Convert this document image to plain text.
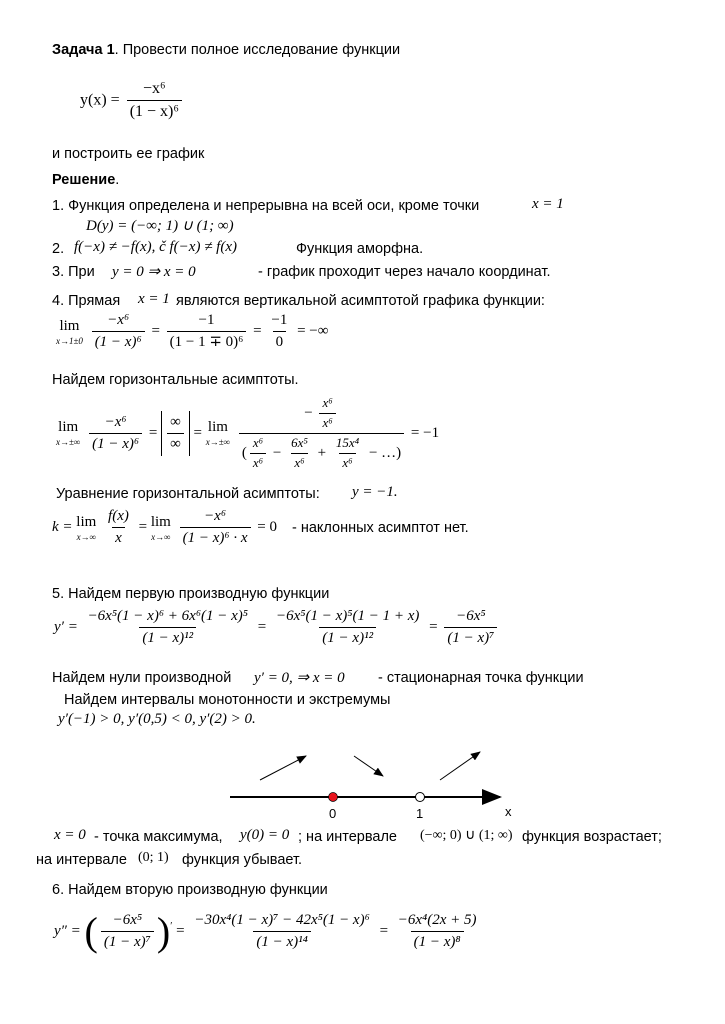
Задача 1. Провести полное исследование функции
$y(x) = \frac{\text{−x⁶}}{\text{(1 − x)⁶}}$
и построить ее график
Решение.
1. Функция определена и непрерывна на всей оси, кроме точки	x = 1
D(y) = (−∞; 1) ∪ (1; ∞)
2. f(−x) ≠ −f(x), č f(−x) ≠ f(x)	Функция аморфна.
3. При y = 0 ⇒ x = 0	- график проходит через начало координат.
4. Прямая x = 1 являются вертикальной асимптотой графика функции:
lim
x→1±0
$\frac{\text{−x⁶}}{\text{(1 − x)⁶}} = \frac{-1}{\text{(1 − 1 ∓ 0)⁶}} = \frac{-1}{0}$ = −∞
Найдем горизонтальные асимптоты.
lim
x→±∞
$\frac{\text{−x⁶}}{\text{(1 − x)⁶}} = \frac{\infty}{\infty} = \lim$
x→±∞
$\frac{- \frac{\text{x⁶}}{\text{x⁶}}}{( \frac{\text{x⁶}}{\text{x⁶}} - \frac{\text{6x⁵}}{\text{x⁶}} + \frac{\text{15x⁴}}{\text{x⁶}} - \dots)} = -1$
Уравнение горизонтальной асимптоты: y = −1.
k = lim
x→∞
$\frac{f(x)}{x} = \lim$
x→∞
$\frac{\text{−x⁶}}{\text{(1 − x)⁶ · x}} = 0$ - наклонных асимптот нет.
5. Найдем первую производную функции
$y' = \frac{\text{−6x⁵(1 − x)⁶ + 6x⁶(1 − x)⁵}}{\text{(1 − x)¹²}} = \frac{\text{−6x⁵(1 − x)⁵(1 − 1 + x)}}{\text{(1 − x)¹²}} = \frac{\text{−6x⁵}}{\text{(1 − x)⁷}}$
Найдем нули производной y′ = 0, ⇒ x = 0 - стационарная точка функции
Найдем интервалы монотонности и экстремумы
y′(−1) > 0, y′(0,5) < 0, y′(2) > 0.
0	1	x
x = 0 - точка максимума, y(0) = 0 ; на интервале (−∞; 0) ∪ (1; ∞) функция возрастает;
на интервале (0; 1) функция убывает.
6. Найдем вторую производную функции
y″ = ( $\frac{\text{−6x⁵}}{\text{(1 − x)⁷}} )' = \frac{\text{−30x⁴(1 − x)⁷ − 42x⁵(1 − x)⁶}}{\text{(1 − x)¹⁴}} = \frac{\text{−6x⁴(2x + 5)}}{\text{(1 − x)⁸}}$
